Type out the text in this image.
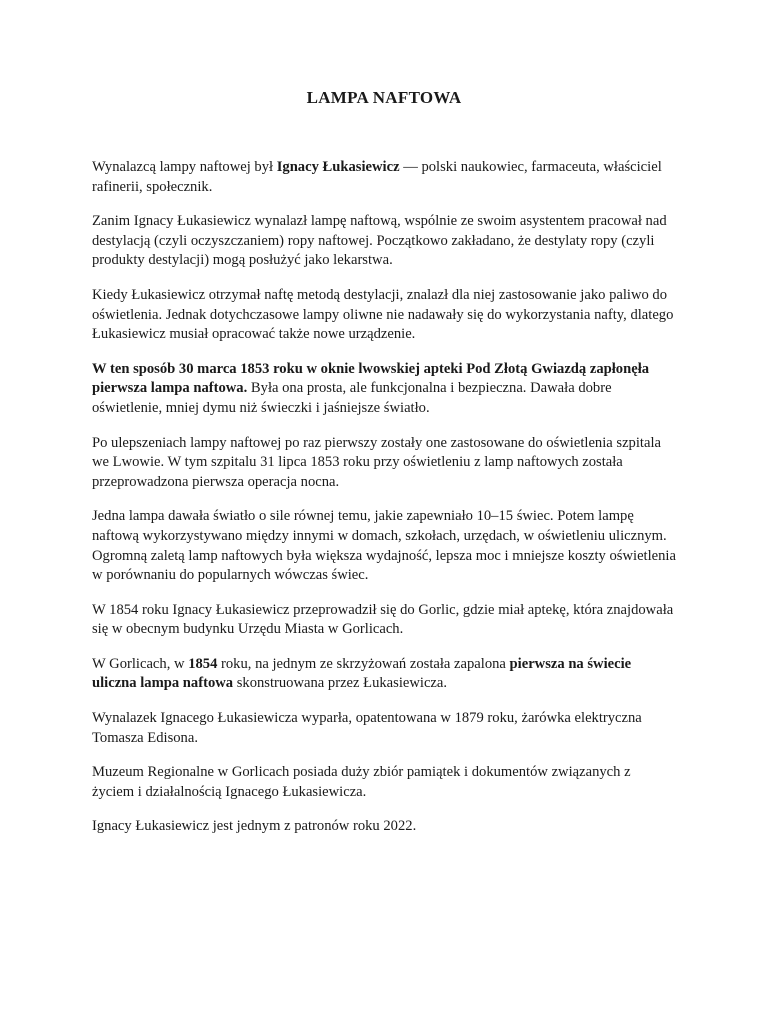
LAMPA NAFTOWA

Wynalazcą lampy naftowej był Ignacy Łukasiewicz — polski naukowiec, farmaceuta, właściciel rafinerii, społecznik.

Zanim Ignacy Łukasiewicz wynalazł lampę naftową, wspólnie ze swoim asystentem pracował nad destylacją (czyli oczyszczaniem) ropy naftowej. Początkowo zakładano, że destylaty ropy (czyli produkty destylacji) mogą posłużyć jako lekarstwa.

Kiedy Łukasiewicz otrzymał naftę metodą destylacji, znalazł dla niej zastosowanie jako paliwo do oświetlenia. Jednak dotychczasowe lampy oliwne nie nadawały się do wykorzystania nafty, dlatego Łukasiewicz musiał opracować także nowe urządzenie.

W ten sposób 30 marca 1853 roku w oknie lwowskiej apteki Pod Złotą Gwiazdą zapłonęła pierwsza lampa naftowa. Była ona prosta, ale funkcjonalna i bezpieczna. Dawała dobre oświetlenie, mniej dymu niż świeczki i jaśniejsze światło.

Po ulepszeniach lampy naftowej po raz pierwszy zostały one zastosowane do oświetlenia szpitala we Lwowie. W tym szpitalu 31 lipca 1853 roku przy oświetleniu z lamp naftowych została przeprowadzona pierwsza operacja nocna.

Jedna lampa dawała światło o sile równej temu, jakie zapewniało 10–15 świec. Potem lampę naftową wykorzystywano między innymi w domach, szkołach, urzędach, w oświetleniu ulicznym. Ogromną zaletą lamp naftowych była większa wydajność, lepsza moc i mniejsze koszty oświetlenia w porównaniu do popularnych wówczas świec.

W 1854 roku Ignacy Łukasiewicz przeprowadził się do Gorlic, gdzie miał aptekę, która znajdowała się w obecnym budynku Urzędu Miasta w Gorlicach.

W Gorlicach, w 1854 roku, na jednym ze skrzyżowań została zapalona pierwsza na świecie uliczna lampa naftowa skonstruowana przez Łukasiewicza.

Wynalazek Ignacego Łukasiewicza wyparła, opatentowana w 1879 roku, żarówka elektryczna Tomasza Edisona.

Muzeum Regionalne w Gorlicach posiada duży zbiór pamiątek i dokumentów związanych z życiem i działalnością Ignacego Łukasiewicza.

Ignacy Łukasiewicz jest jednym z patronów roku 2022.
